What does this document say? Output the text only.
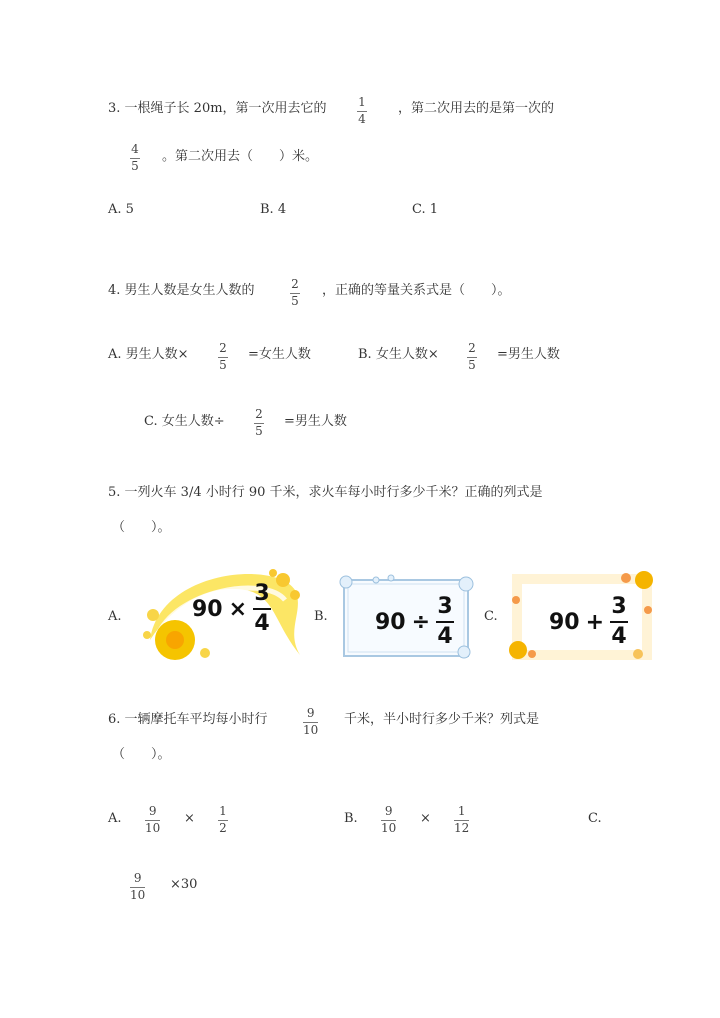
3. 一根绳子长 20m，第一次用去它的	1
4
，第二次用去的是第一次的
4
5
。第二次用去（　　）米。
A. 5	B. 4	C. 1
4. 男生人数是女生人数的	2
5
，正确的等量关系式是（　　）。
A. 男生人数×	2
5
=女生人数	B. 女生人数× 2
5
=男生人数
C. 女生人数÷	2
5
=男生人数
5. 一列火车 3/4 小时行 90 千米，求火车每小时行多少千米？正确的列式是
（　　）。
A.	90 ×
3
4	B. 90 ÷
3
4
C. 90 +
3
4
6. 一辆摩托车平均每小时行	9
10
千米，半小时行多少千米？列式是
（　　）。
A. 9
10
× 1
2
B. 9
10
× 1
12
C.
9
10
×30
